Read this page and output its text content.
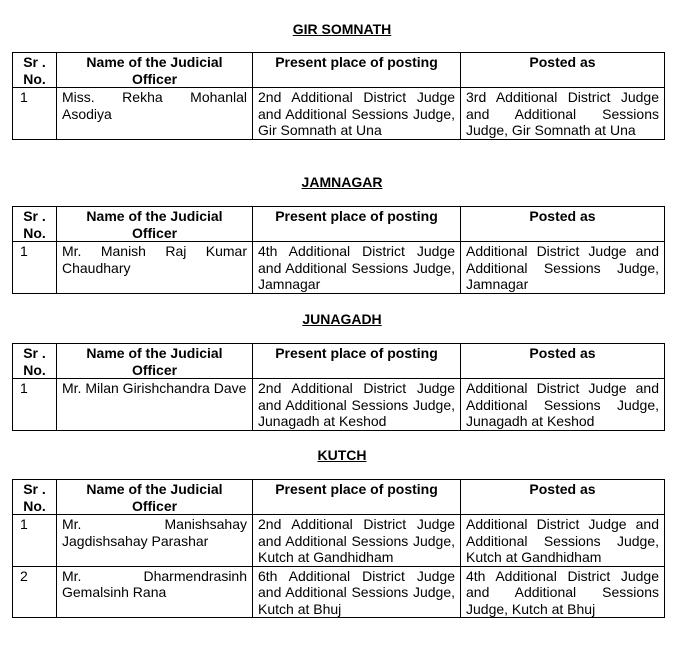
GIR SOMNATH
Sr . No.	Name of the Judicial Officer	Present place of posting	Posted as
1	Miss. Rekha Mohanlal Asodiya	2nd Additional District Judge and Additional Sessions Judge, Gir Somnath at Una	3rd Additional District Judge and Additional Sessions Judge, Gir Somnath at Una
JAMNAGAR
Sr . No.	Name of the Judicial Officer	Present place of posting	Posted as
1	Mr. Manish Raj Kumar Chaudhary	4th Additional District Judge and Additional Sessions Judge, Jamnagar	Additional District Judge and Additional Sessions Judge, Jamnagar
JUNAGADH
Sr . No.	Name of the Judicial Officer	Present place of posting	Posted as
1	Mr. Milan Girishchandra Dave	2nd Additional District Judge and Additional Sessions Judge, Junagadh at Keshod	Additional District Judge and Additional Sessions Judge, Junagadh at Keshod
KUTCH
Sr . No.	Name of the Judicial Officer	Present place of posting	Posted as
1	Mr. Manishsahay Jagdishsahay Parashar	2nd Additional District Judge and Additional Sessions Judge, Kutch at Gandhidham	Additional District Judge and Additional Sessions Judge, Kutch at Gandhidham
2	Mr. Dharmendrasinh Gemalsinh Rana	6th Additional District Judge and Additional Sessions Judge, Kutch at Bhuj	4th Additional District Judge and Additional Sessions Judge, Kutch at Bhuj
